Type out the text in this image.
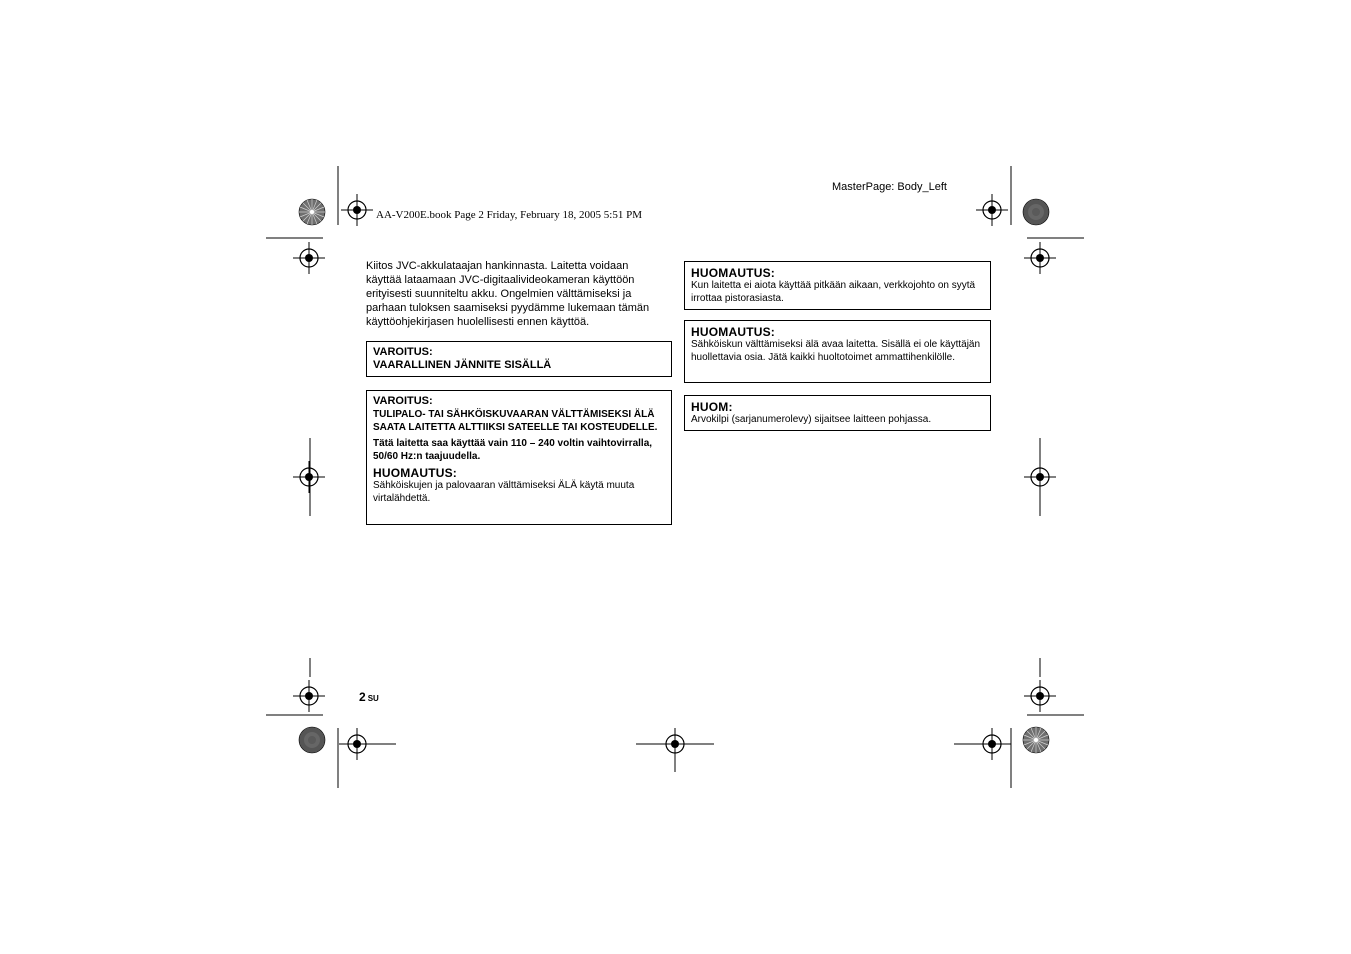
MasterPage: Body_Left
AA-V200E.book Page 2 Friday, February 18, 2005 5:51 PM
Kiitos JVC-akkulataajan hankinnasta. Laitetta voidaan käyttää lataamaan JVC-digitaalivideokameran käyttöön erityisesti suunniteltu akku. Ongelmien välttämiseksi ja parhaan tuloksen saamiseksi pyydämme lukemaan tämän käyttöohjekirjasen huolellisesti ennen käyttöä.
VAROITUS:
VAARALLINEN JÄNNITE SISÄLLÄ
VAROITUS:
TULIPALO- TAI SÄHKÖISKUVAARAN VÄLTTÄMISEKSI ÄLÄ SAATA LAITETTA ALTTIIKSI SATEELLE TAI KOSTEUDELLE.
Tätä laitetta saa käyttää vain 110 – 240 voltin vaihtovirralla, 50/60 Hz:n taajuudella.
HUOMAUTUS:
Sähköiskujen ja palovaaran välttämiseksi ÄLÄ käytä muuta virtalähdettä.
HUOMAUTUS:
Kun laitetta ei aiota käyttää pitkään aikaan, verkkojohto on syytä irrottaa pistorasiasta.
HUOMAUTUS:
Sähköiskun välttämiseksi älä avaa laitetta. Sisällä ei ole käyttäjän huollettavia osia. Jätä kaikki huoltotoimet ammattihenkilölle.
HUOM:
Arvokilpi (sarjanumerolevy) sijaitsee laitteen pohjassa.
2 SU
